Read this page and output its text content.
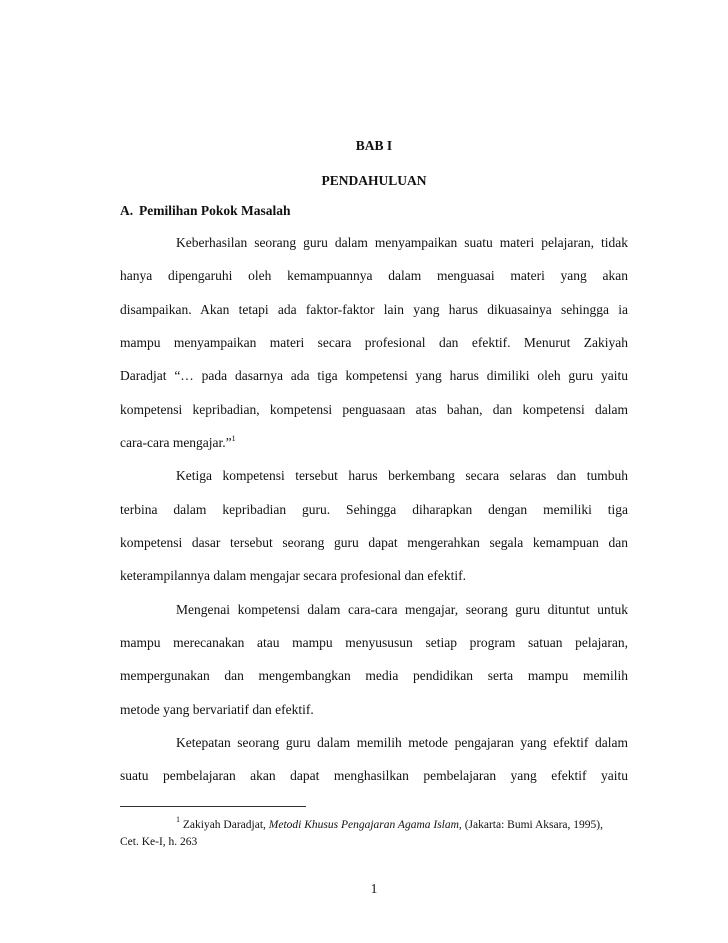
BAB I
PENDAHULUAN
A. Pemilihan Pokok Masalah
Keberhasilan seorang guru dalam menyampaikan suatu materi pelajaran, tidak
hanya dipengaruhi oleh kemampuannya dalam menguasai materi yang akan
disampaikan. Akan tetapi ada faktor-faktor lain yang harus dikuasainya sehingga ia
mampu menyampaikan materi secara profesional dan efektif. Menurut Zakiyah
Daradjat “… pada dasarnya ada tiga kompetensi yang harus dimiliki oleh guru yaitu
kompetensi kepribadian, kompetensi penguasaan atas bahan, dan kompetensi dalam
cara-cara mengajar.”$^1$
Ketiga kompetensi tersebut harus berkembang secara selaras dan tumbuh
terbina dalam kepribadian guru. Sehingga diharapkan dengan memiliki tiga
kompetensi dasar tersebut seorang guru dapat mengerahkan segala kemampuan dan
keterampilannya dalam mengajar secara profesional dan efektif.
Mengenai kompetensi dalam cara-cara mengajar, seorang guru dituntut untuk
mampu merecanakan atau mampu menyususun setiap program satuan pelajaran,
mempergunakan dan mengembangkan media pendidikan serta mampu memilih
metode yang bervariatif dan efektif.
Ketepatan seorang guru dalam memilih metode pengajaran yang efektif dalam
suatu pembelajaran akan dapat menghasilkan pembelajaran yang efektif yaitu
$^1$ Zakiyah Daradjat, Metodi Khusus Pengajaran Agama Islam, (Jakarta: Bumi Aksara, 1995),
Cet. Ke-I, h. 263
1
